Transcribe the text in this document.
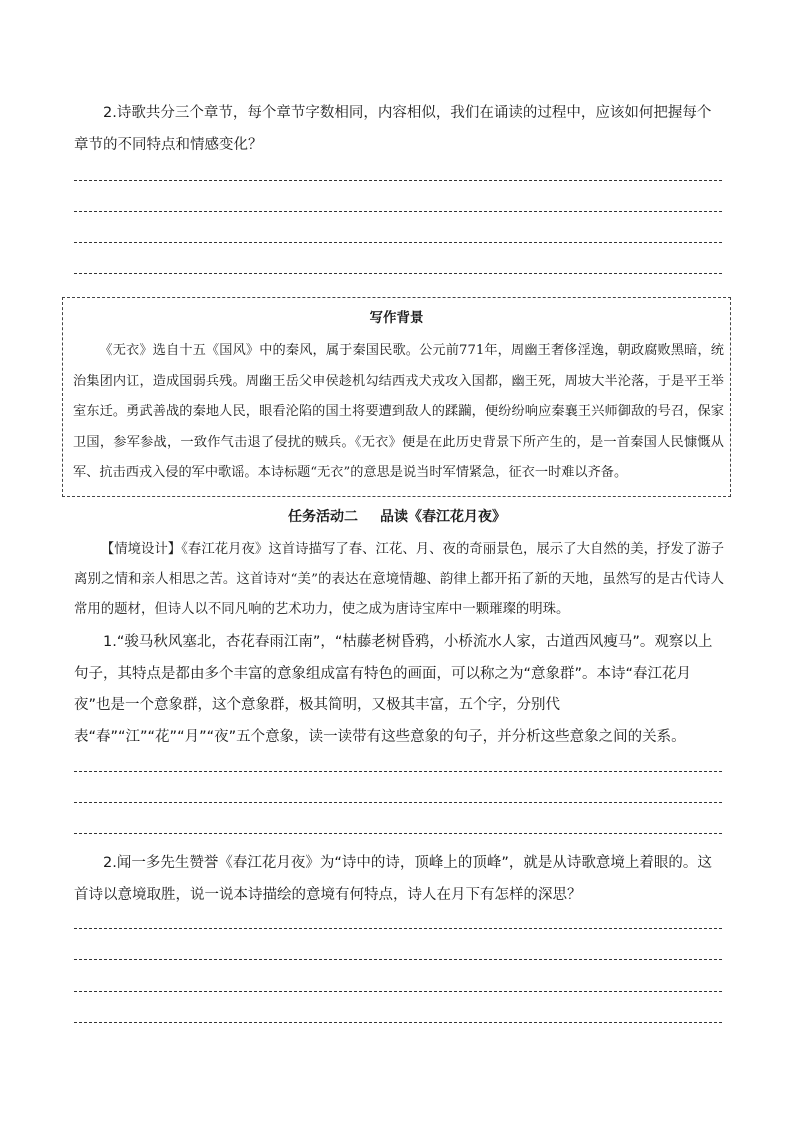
2.诗歌共分三个章节，每个章节字数相同，内容相似，我们在诵读的过程中，应该如何把握每个章节的不同特点和情感变化？

写作背景

《无衣》选自十五《国风》中的秦风，属于秦国民歌。公元前771年，周幽王奢侈淫逸，朝政腐败黑暗，统治集团内讧，造成国弱兵残。周幽王岳父申侯趁机勾结西戎犬戎攻入国都，幽王死，周坡大半沦落，于是平王举室东迁。勇武善战的秦地人民，眼看沦陷的国土将要遭到敌人的蹂躏，便纷纷响应秦襄王兴师御敌的号召，保家卫国，参军参战，一致作气击退了侵扰的贼兵。《无衣》便是在此历史背景下所产生的，是一首秦国人民慷慨从军、抗击西戎入侵的军中歌谣。本诗标题“无衣”的意思是说当时军情紧急，征衣一时难以齐备。

任务活动二 品读《春江花月夜》

【情境设计】《春江花月夜》这首诗描写了春、江花、月、夜的奇丽景色，展示了大自然的美，抒发了游子离别之情和亲人相思之苦。这首诗对“美”的表达在意境情趣、韵律上都开拓了新的天地，虽然写的是古代诗人常用的题材，但诗人以不同凡响的艺术功力，使之成为唐诗宝库中一颗璀璨的明珠。

1.“骏马秋风塞北，杏花春雨江南”，“枯藤老树昏鸦，小桥流水人家，古道西风瘦马”。观察以上句子，其特点是都由多个丰富的意象组成富有特色的画面，可以称之为“意象群”。本诗“春江花月夜”也是一个意象群，这个意象群，极其简明，又极其丰富，五个字，分别代表“春”“江”“花”“月”“夜”五个意象，读一读带有这些意象的句子，并分析这些意象之间的关系。

2.闻一多先生赞誉《春江花月夜》为“诗中的诗，顶峰上的顶峰”，就是从诗歌意境上着眼的。这首诗以意境取胜，说一说本诗描绘的意境有何特点，诗人在月下有怎样的深思？
